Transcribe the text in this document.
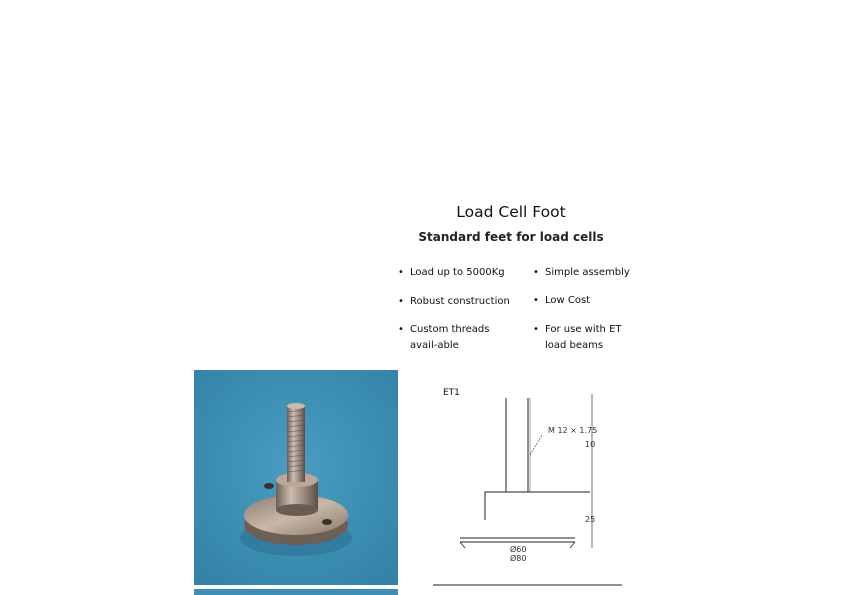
Load Cell Foot
Standard feet for load cells
• Load up to 5000Kg
• Robust construction
• Custom threads avail-able
• Simple assembly
• Low Cost
• For use with ET load beams
ET1
M 12 × 1.75
10
25
Ø60
Ø80
